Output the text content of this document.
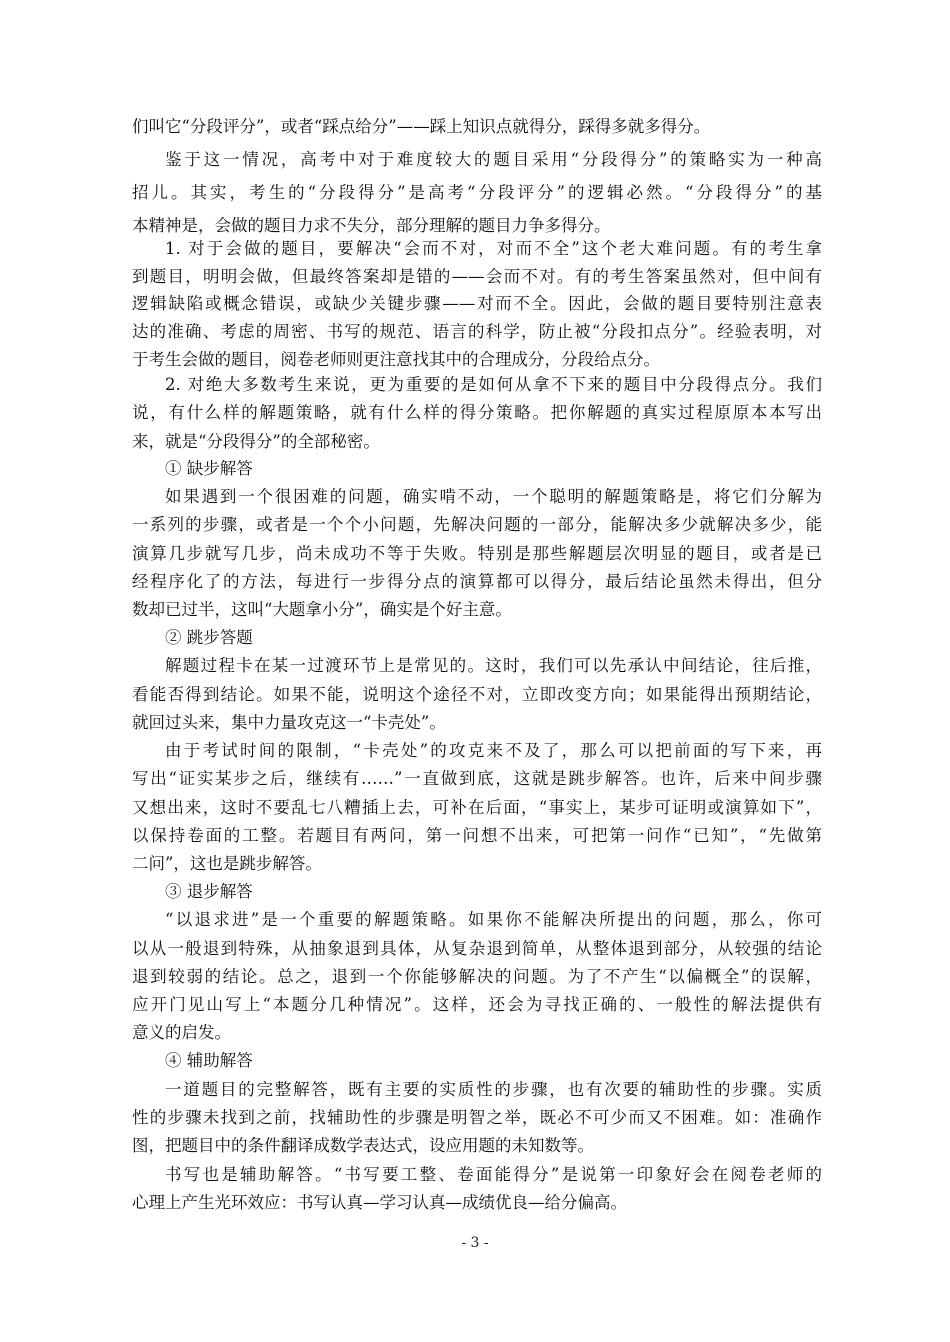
们叫它“分段评分”，或者“踩点给分”——踩上知识点就得分，踩得多就多得分。
鉴于这一情况，高考中对于难度较大的题目采用“分段得分”的策略实为一种高
招儿。其实，考生的“分段得分”是高考“分段评分”的逻辑必然。“分段得分”的基
本精神是，会做的题目力求不失分，部分理解的题目力争多得分。
1. 对于会做的题目，要解决“会而不对，对而不全”这个老大难问题。有的考生拿
到题目，明明会做，但最终答案却是错的——会而不对。有的考生答案虽然对，但中间有
逻辑缺陷或概念错误，或缺少关键步骤——对而不全。因此，会做的题目要特别注意表
达的准确、考虑的周密、书写的规范、语言的科学，防止被“分段扣点分”。经验表明，对
于考生会做的题目，阅卷老师则更注意找其中的合理成分，分段给点分。
2. 对绝大多数考生来说，更为重要的是如何从拿不下来的题目中分段得点分。我们
说，有什么样的解题策略，就有什么样的得分策略。把你解题的真实过程原原本本写出
来，就是“分段得分”的全部秘密。
① 缺步解答
如果遇到一个很困难的问题，确实啃不动，一个聪明的解题策略是，将它们分解为
一系列的步骤，或者是一个个小问题，先解决问题的一部分，能解决多少就解决多少，能
演算几步就写几步，尚未成功不等于失败。特别是那些解题层次明显的题目，或者是已
经程序化了的方法，每进行一步得分点的演算都可以得分，最后结论虽然未得出，但分
数却已过半，这叫“大题拿小分”，确实是个好主意。
② 跳步答题
解题过程卡在某一过渡环节上是常见的。这时，我们可以先承认中间结论，往后推，
看能否得到结论。如果不能，说明这个途径不对，立即改变方向；如果能得出预期结论，
就回过头来，集中力量攻克这一“卡壳处”。
由于考试时间的限制，“卡壳处”的攻克来不及了，那么可以把前面的写下来，再
写出“证实某步之后，继续有……”一直做到底，这就是跳步解答。也许，后来中间步骤
又想出来，这时不要乱七八糟插上去，可补在后面，“事实上，某步可证明或演算如下”，
以保持卷面的工整。若题目有两问，第一问想不出来，可把第一问作“已知”，“先做第
二问”，这也是跳步解答。
③ 退步解答
“以退求进”是一个重要的解题策略。如果你不能解决所提出的问题，那么，你可
以从一般退到特殊，从抽象退到具体，从复杂退到简单，从整体退到部分，从较强的结论
退到较弱的结论。总之，退到一个你能够解决的问题。为了不产生“以偏概全”的误解，
应开门见山写上“本题分几种情况”。这样，还会为寻找正确的、一般性的解法提供有
意义的启发。
④ 辅助解答
一道题目的完整解答，既有主要的实质性的步骤，也有次要的辅助性的步骤。实质
性的步骤未找到之前，找辅助性的步骤是明智之举，既必不可少而又不困难。如：准确作
图，把题目中的条件翻译成数学表达式，设应用题的未知数等。
书写也是辅助解答。“书写要工整、卷面能得分”是说第一印象好会在阅卷老师的
心理上产生光环效应：书写认真—学习认真—成绩优良—给分偏高。
- 3 -
